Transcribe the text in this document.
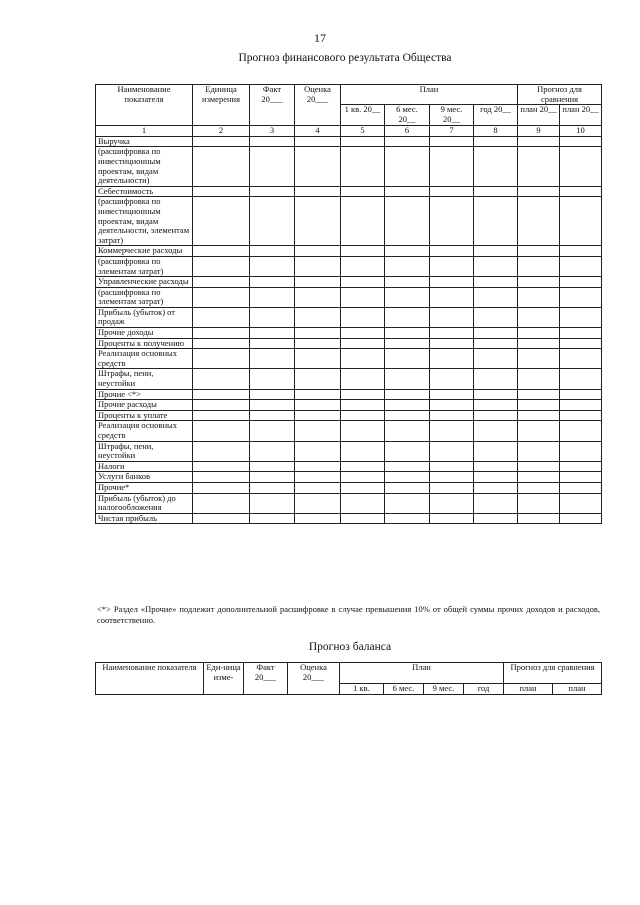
17
Прогноз финансового результата Общества
Наименование показателя	Единица измерения	Факт 20___	Оценка 20___	План				Прогноз для сравнения	
				1 кв. 20__	6 мес. 20__	9 мес. 20__	год 20__	план 20__	план 20__
1	2	3	4	5	6	7	8	9	10
Выручка									
(расшифровка по инвестиционным проектам, видам деятельности)									
Себестоимость									
(расшифровка по инвестиционным проектам, видам деятельности, элементам затрат)									
Коммерческие расходы									
(расшифровка по элементам затрат)									
Управленческие расходы									
(расшифровка по элементам затрат)									
Прибыль (убыток) от продаж									
Прочие доходы									
Проценты к получению									
Реализация основных средств									
Штрафы, пени, неустойки									
Прочие <*>									
Прочие расходы									
Проценты к уплате									
Реализация основных средств									
Штрафы, пени, неустойки									
Налоги									
Услуги банков									
Прочие*									
Прибыль (убыток) до налогообложения									
Чистая прибыль									
<*> Раздел «Прочие» подлежит дополнительной расшифровке в случае превышения 10% от общей суммы прочих доходов и расходов, соответственно.
Прогноз баланса
Наименование показателя	Еди-ница изме-	Факт 20___	Оценка 20___	План				Прогноз для сравнения	
				1 кв.	6 мес.	9 мес.	год	план	план
